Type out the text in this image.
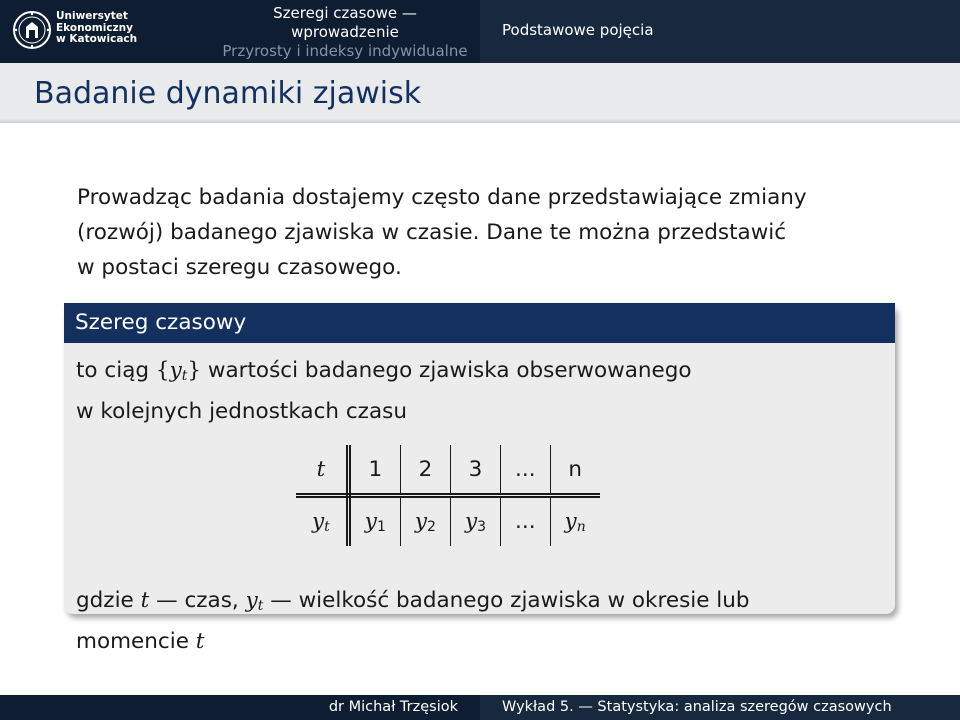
Uniwersytet
Ekonomiczny
w Katowicach
Szeregi czasowe — wprowadzenie
Przyrosty i indeksy indywidualne
Podstawowe pojęcia
Badanie dynamiki zjawisk
Prowadząc badania dostajemy często dane przedstawiające zmiany
(rozwój) badanego zjawiska w czasie. Dane te można przedstawić
w postaci szeregu czasowego.
Szereg czasowy
to ciąg $\{y_t\}$ wartości badanego zjawiska obserwowanego
w kolejnych jednostkach czasu
t	1	2	3	...	n
$y_t$	$y_1$	$y_2$	$y_3$	...	$y_n$
gdzie t — czas, $y_t$ — wielkość badanego zjawiska w okresie lub
momencie t
dr Michał Trzęsiok	Wykład 5. — Statystyka: analiza szeregów czasowych
